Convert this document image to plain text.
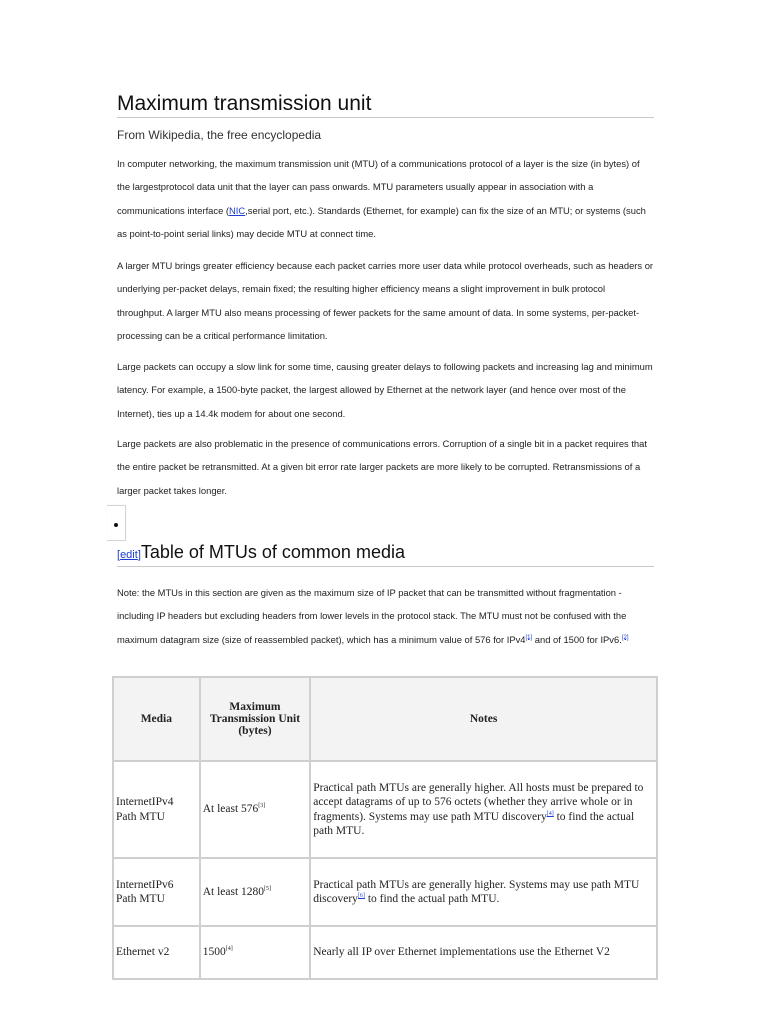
Maximum transmission unit
From Wikipedia, the free encyclopedia

In computer networking, the maximum transmission unit (MTU) of a communications protocol of a layer is the size (in bytes) of the largestprotocol data unit that the layer can pass onwards. MTU parameters usually appear in association with a communications interface (NIC,serial port, etc.). Standards (Ethernet, for example) can fix the size of an MTU; or systems (such as point-to-point serial links) may decide MTU at connect time.

A larger MTU brings greater efficiency because each packet carries more user data while protocol overheads, such as headers or underlying per-packet delays, remain fixed; the resulting higher efficiency means a slight improvement in bulk protocol throughput. A larger MTU also means processing of fewer packets for the same amount of data. In some systems, per-packet-processing can be a critical performance limitation.

Large packets can occupy a slow link for some time, causing greater delays to following packets and increasing lag and minimum latency. For example, a 1500-byte packet, the largest allowed by Ethernet at the network layer (and hence over most of the Internet), ties up a 14.4k modem for about one second.

Large packets are also problematic in the presence of communications errors. Corruption of a single bit in a packet requires that the entire packet be retransmitted. At a given bit error rate larger packets are more likely to be corrupted. Retransmissions of a larger packet takes longer.

[edit]Table of MTUs of common media

Note: the MTUs in this section are given as the maximum size of IP packet that can be transmitted without fragmentation - including IP headers but excluding headers from lower levels in the protocol stack. The MTU must not be confused with the maximum datagram size (size of reassembled packet), which has a minimum value of 576 for IPv4[1] and of 1500 for IPv6.[2]

Media	Maximum Transmission Unit (bytes)	Notes
InternetIPv4 Path MTU	At least 576[3]	Practical path MTUs are generally higher. All hosts must be prepared to accept datagrams of up to 576 octets (whether they arrive whole or in fragments). Systems may use path MTU discovery[4] to find the actual path MTU.
InternetIPv6 Path MTU	At least 1280[5]	Practical path MTUs are generally higher. Systems may use path MTU discovery[6] to find the actual path MTU.
Ethernet v2	1500[4]	Nearly all IP over Ethernet implementations use the Ethernet V2
